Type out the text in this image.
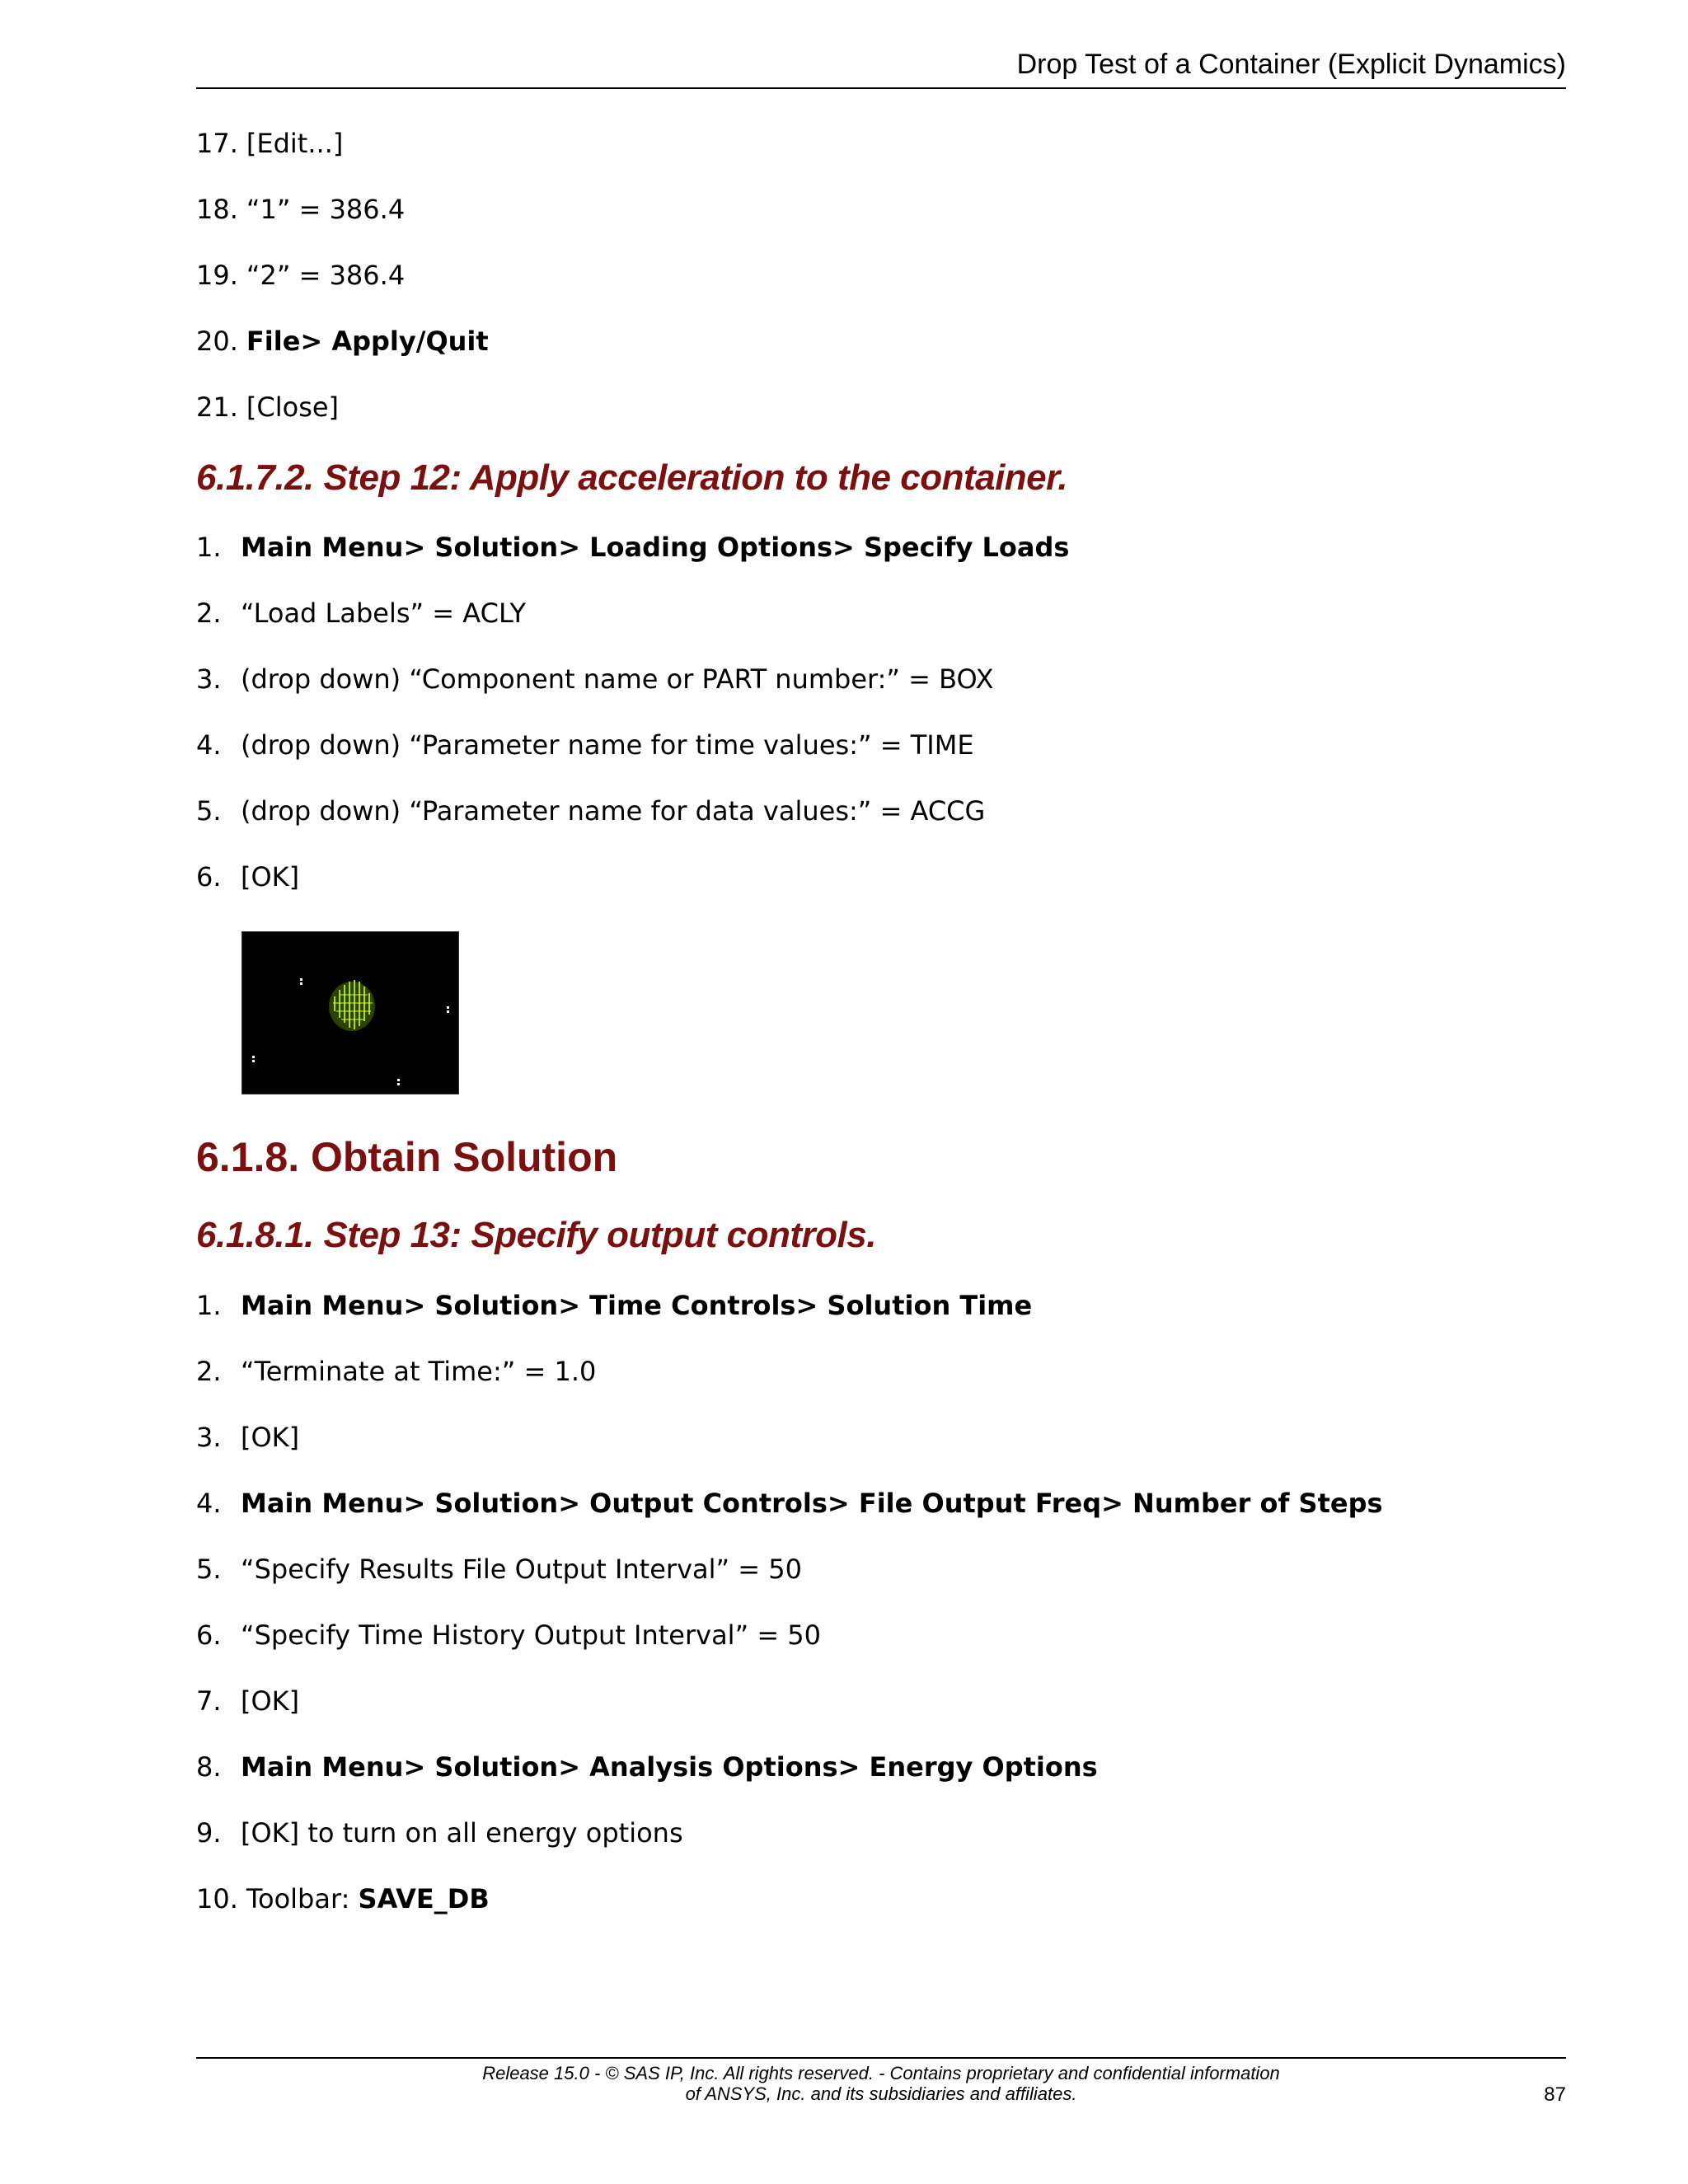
Drop Test of a Container (Explicit Dynamics)
17. [Edit...]
18. “1” = 386.4
19. “2” = 386.4
20. File> Apply/Quit
21. [Close]
6.1.7.2. Step 12: Apply acceleration to the container.
1. Main Menu> Solution> Loading Options> Specify Loads
2. “Load Labels” = ACLY
3. (drop down) “Component name or PART number:” = BOX
4. (drop down) “Parameter name for time values:” = TIME
5. (drop down) “Parameter name for data values:” = ACCG
6. [OK]
6.1.8. Obtain Solution
6.1.8.1. Step 13: Specify output controls.
1. Main Menu> Solution> Time Controls> Solution Time
2. “Terminate at Time:” = 1.0
3. [OK]
4. Main Menu> Solution> Output Controls> File Output Freq> Number of Steps
5. “Specify Results File Output Interval” = 50
6. “Specify Time History Output Interval” = 50
7. [OK]
8. Main Menu> Solution> Analysis Options> Energy Options
9. [OK] to turn on all energy options
10. Toolbar: SAVE_DB
Release 15.0 - © SAS IP, Inc. All rights reserved. - Contains proprietary and confidential information
of ANSYS, Inc. and its subsidiaries and affiliates.	87
